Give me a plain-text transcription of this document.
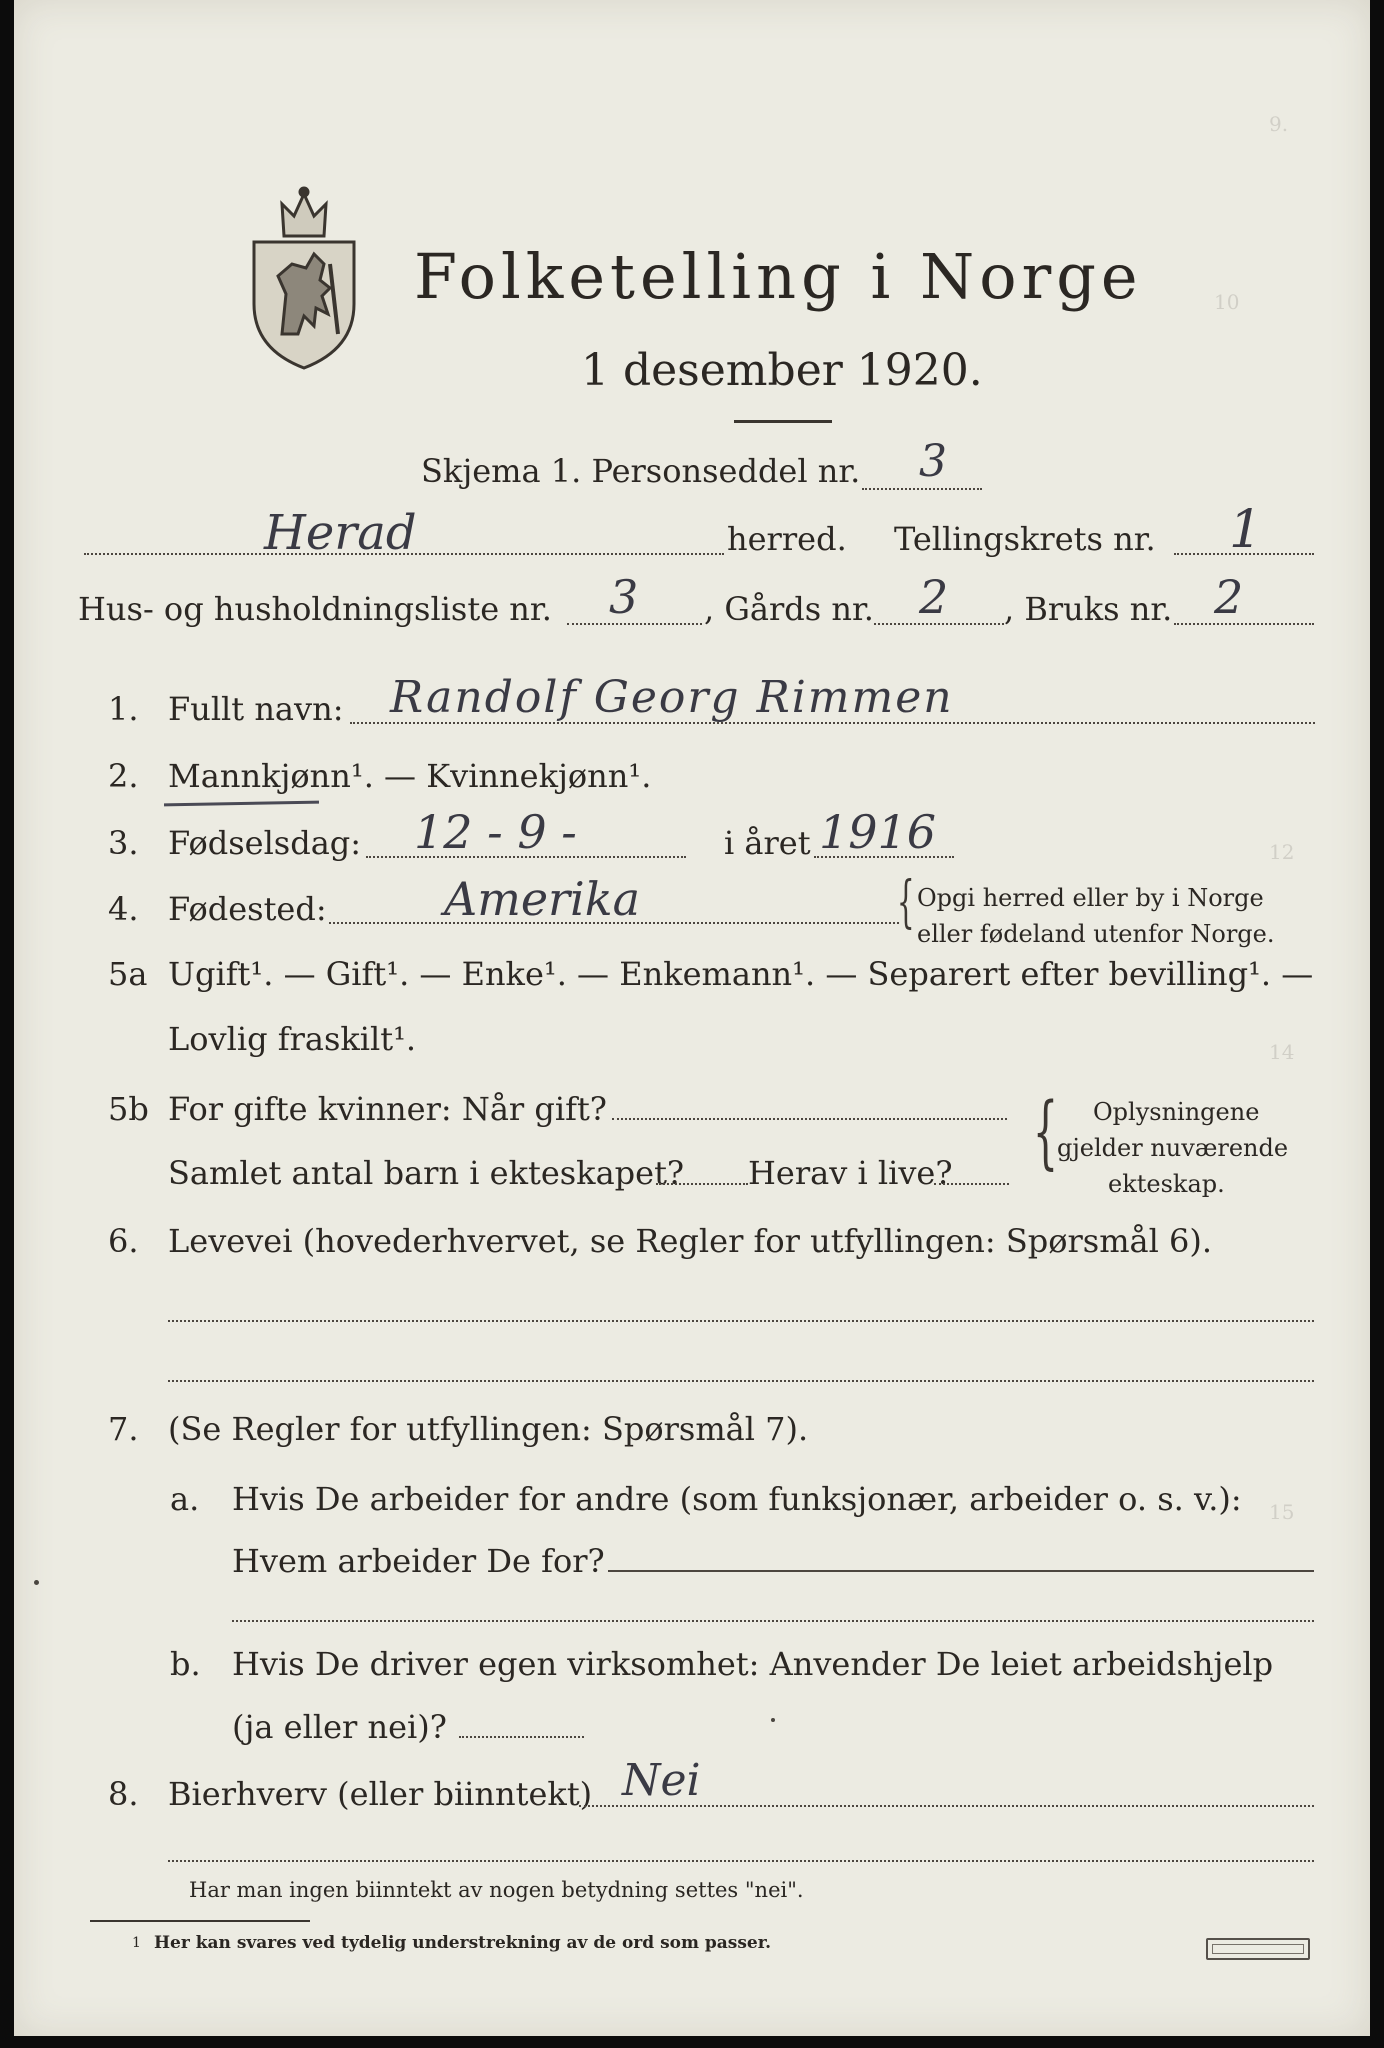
9.
10
12
14
15
Folketelling i Norge
1 desember 1920.
Skjema 1. Personseddel nr. 3
Herad	herred. Tellingskrets nr. 1
Hus- og husholdningsliste nr. 3 , Gårds nr. 2 , Bruks nr. 2
1. Fullt navn: Randolf Georg Rimmen
2. Mannkjønn¹. — Kvinnekjønn¹.
3. Fødselsdag: 12 - 9 -	i året 1916
4. Fødested:	Amerika	{ Opgi herred eller by i Norge
eller fødeland utenfor Norge.
5a Ugift¹. — Gift¹. — Enke¹. — Enkemann¹. — Separert efter bevilling¹. —
Lovlig fraskilt¹.
5b For gifte kvinner: Når gift?
Samlet antal barn i ekteskapet? Herav i live? { Oplysningene
gjelder nuværende
ekteskap.
6. Levevei (hovederhvervet, se Regler for utfyllingen: Spørsmål 6).
7. (Se Regler for utfyllingen: Spørsmål 7).
a. Hvis De arbeider for andre (som funksjonær, arbeider o. s. v.):
Hvem arbeider De for?
b. Hvis De driver egen virksomhet: Anvender De leiet arbeidshjelp
(ja eller nei)?
8. Bierhverv (eller biinntekt) Nei
Har man ingen biinntekt av nogen betydning settes "nei".
1 Her kan svares ved tydelig understrekning av de ord som passer.
